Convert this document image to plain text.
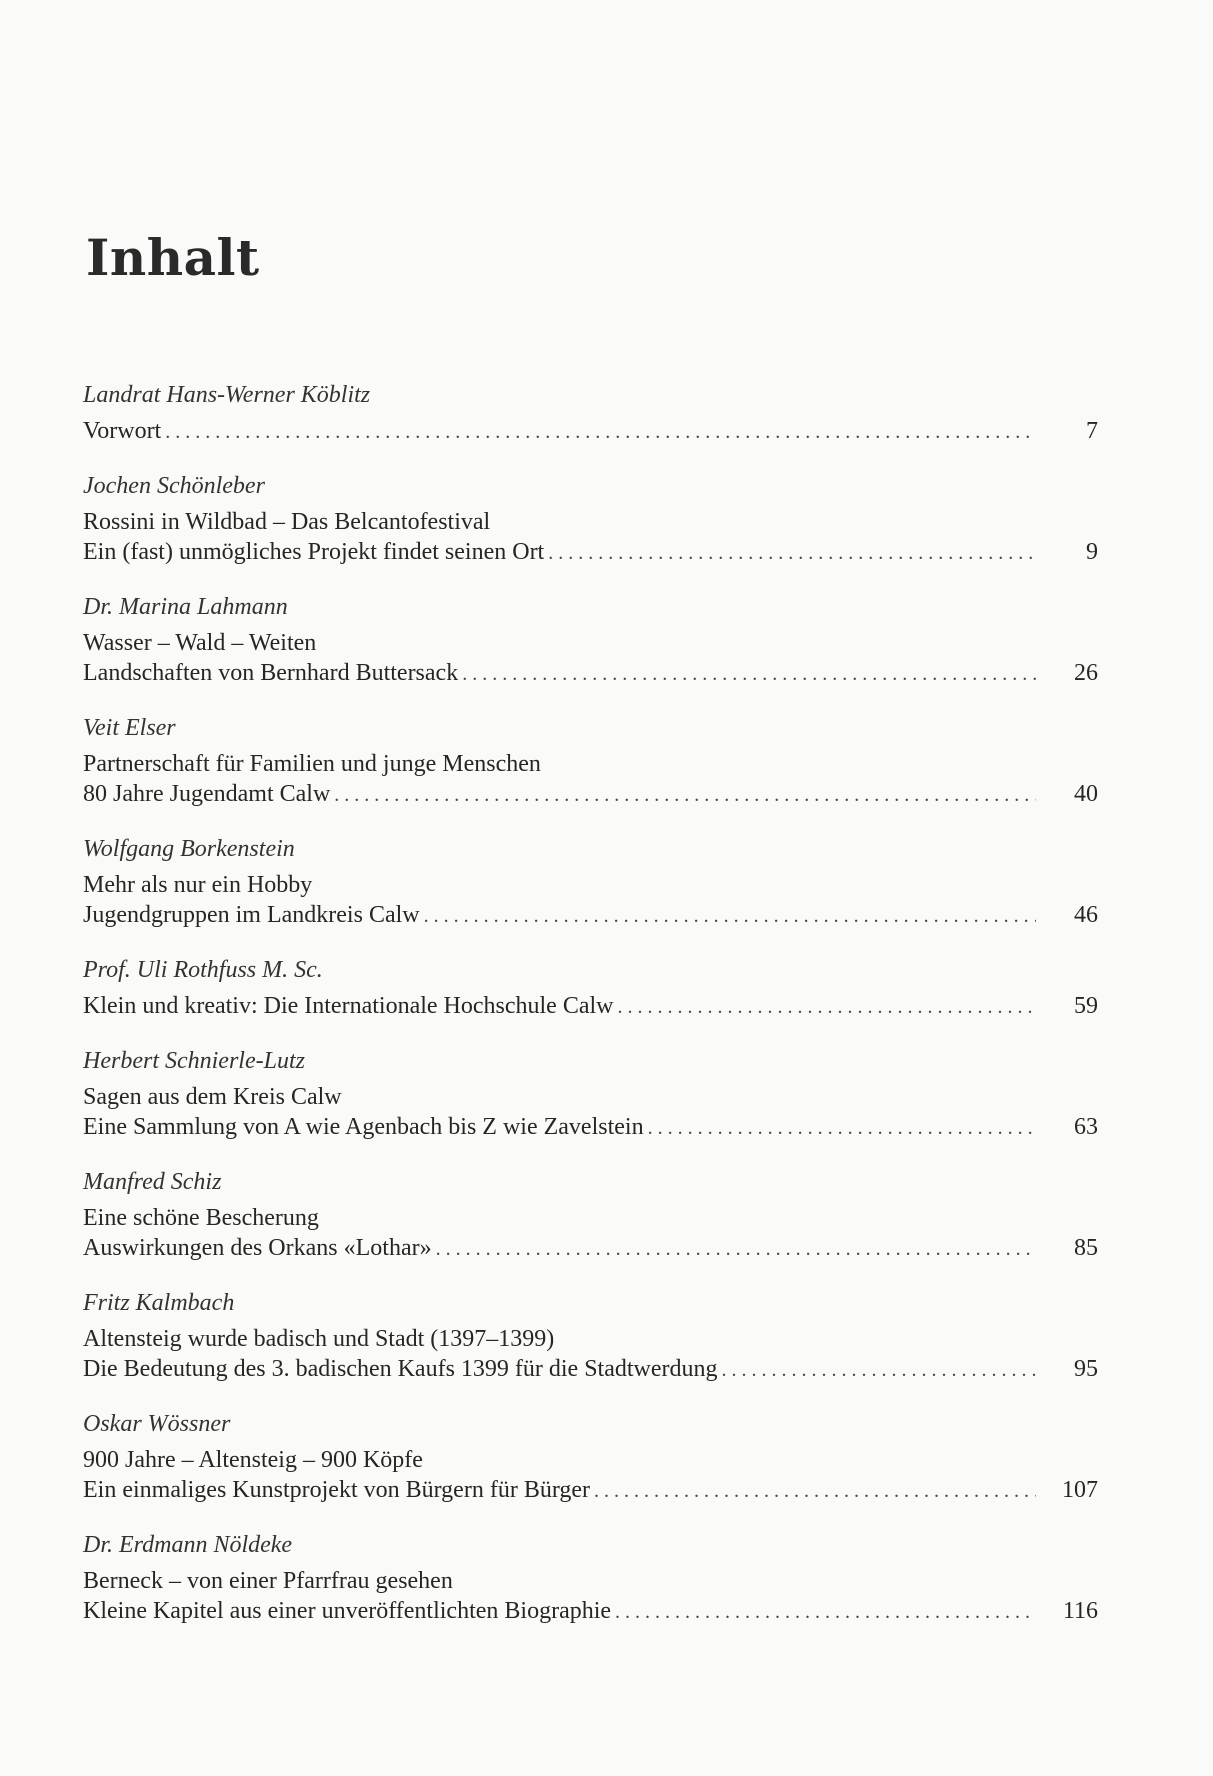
Inhalt
Landrat Hans-Werner Köblitz
Vorwort . . .	7
Jochen Schönleber
Rossini in Wildbad – Das Belcantofestival
Ein (fast) unmögliches Projekt findet seinen Ort . . .	9
Dr. Marina Lahmann
Wasser – Wald – Weiten
Landschaften von Bernhard Buttersack . . .	26
Veit Elser
Partnerschaft für Familien und junge Menschen
80 Jahre Jugendamt Calw . . .	40
Wolfgang Borkenstein
Mehr als nur ein Hobby
Jugendgruppen im Landkreis Calw . . .	46
Prof. Uli Rothfuss M. Sc.
Klein und kreativ: Die Internationale Hochschule Calw . . .	59
Herbert Schnierle-Lutz
Sagen aus dem Kreis Calw
Eine Sammlung von A wie Agenbach bis Z wie Zavelstein . . .	63
Manfred Schiz
Eine schöne Bescherung
Auswirkungen des Orkans «Lothar» . . .	85
Fritz Kalmbach
Altensteig wurde badisch und Stadt (1397–1399)
Die Bedeutung des 3. badischen Kaufs 1399 für die Stadtwerdung . . .	95
Oskar Wössner
900 Jahre – Altensteig – 900 Köpfe
Ein einmaliges Kunstprojekt von Bürgern für Bürger . . .	107
Dr. Erdmann Nöldeke
Berneck – von einer Pfarrfrau gesehen
Kleine Kapitel aus einer unveröffentlichten Biographie . . .	116
